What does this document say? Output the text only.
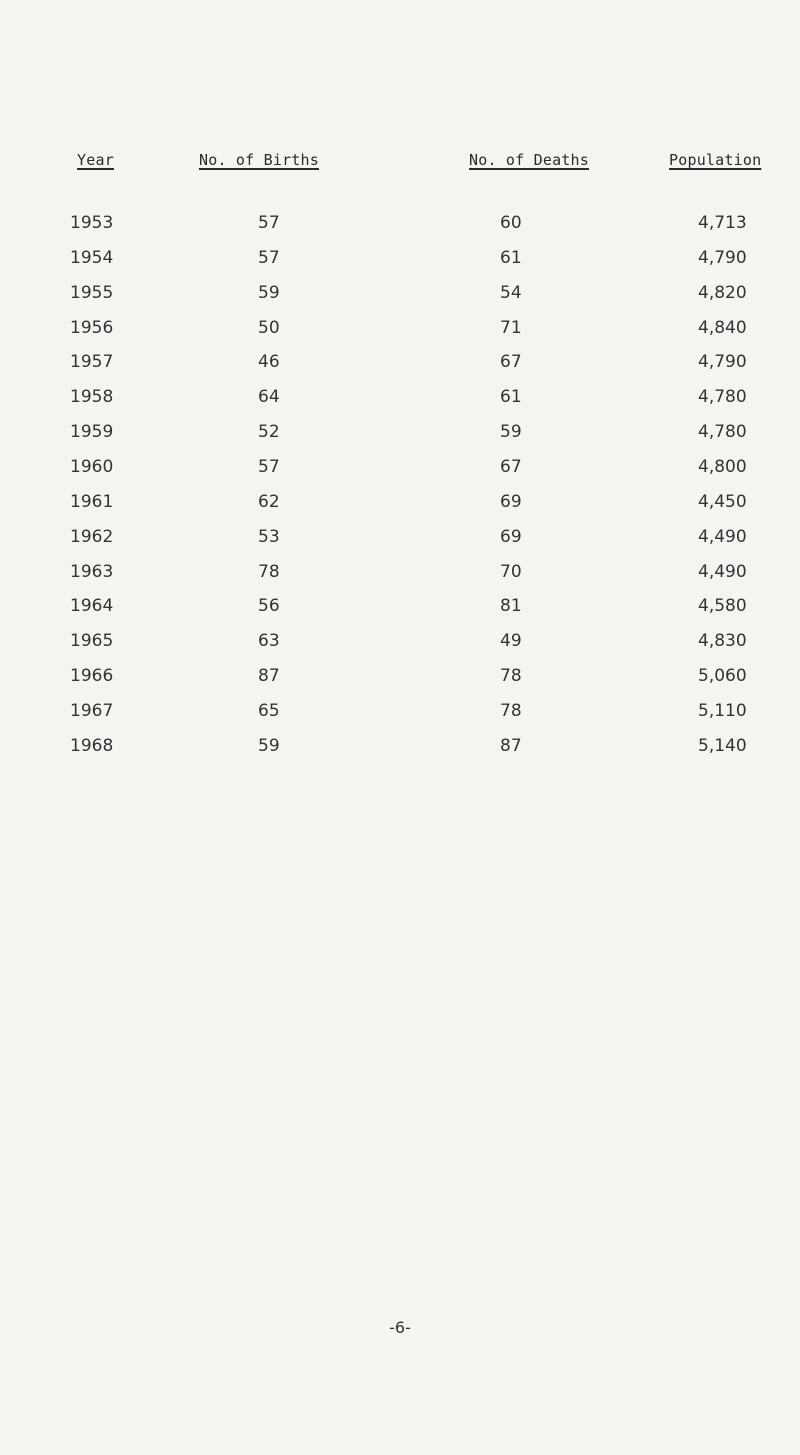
Year	No. of Births	No. of Deaths	Population
1953	57	60	4,713
1954	57	61	4,790
1955	59	54	4,820
1956	50	71	4,840
1957	46	67	4,790
1958	64	61	4,780
1959	52	59	4,780
1960	57	67	4,800
1961	62	69	4,450
1962	53	69	4,490
1963	78	70	4,490
1964	56	81	4,580
1965	63	49	4,830
1966	87	78	5,060
1967	65	78	5,110
1968	59	87	5,140
-6-
